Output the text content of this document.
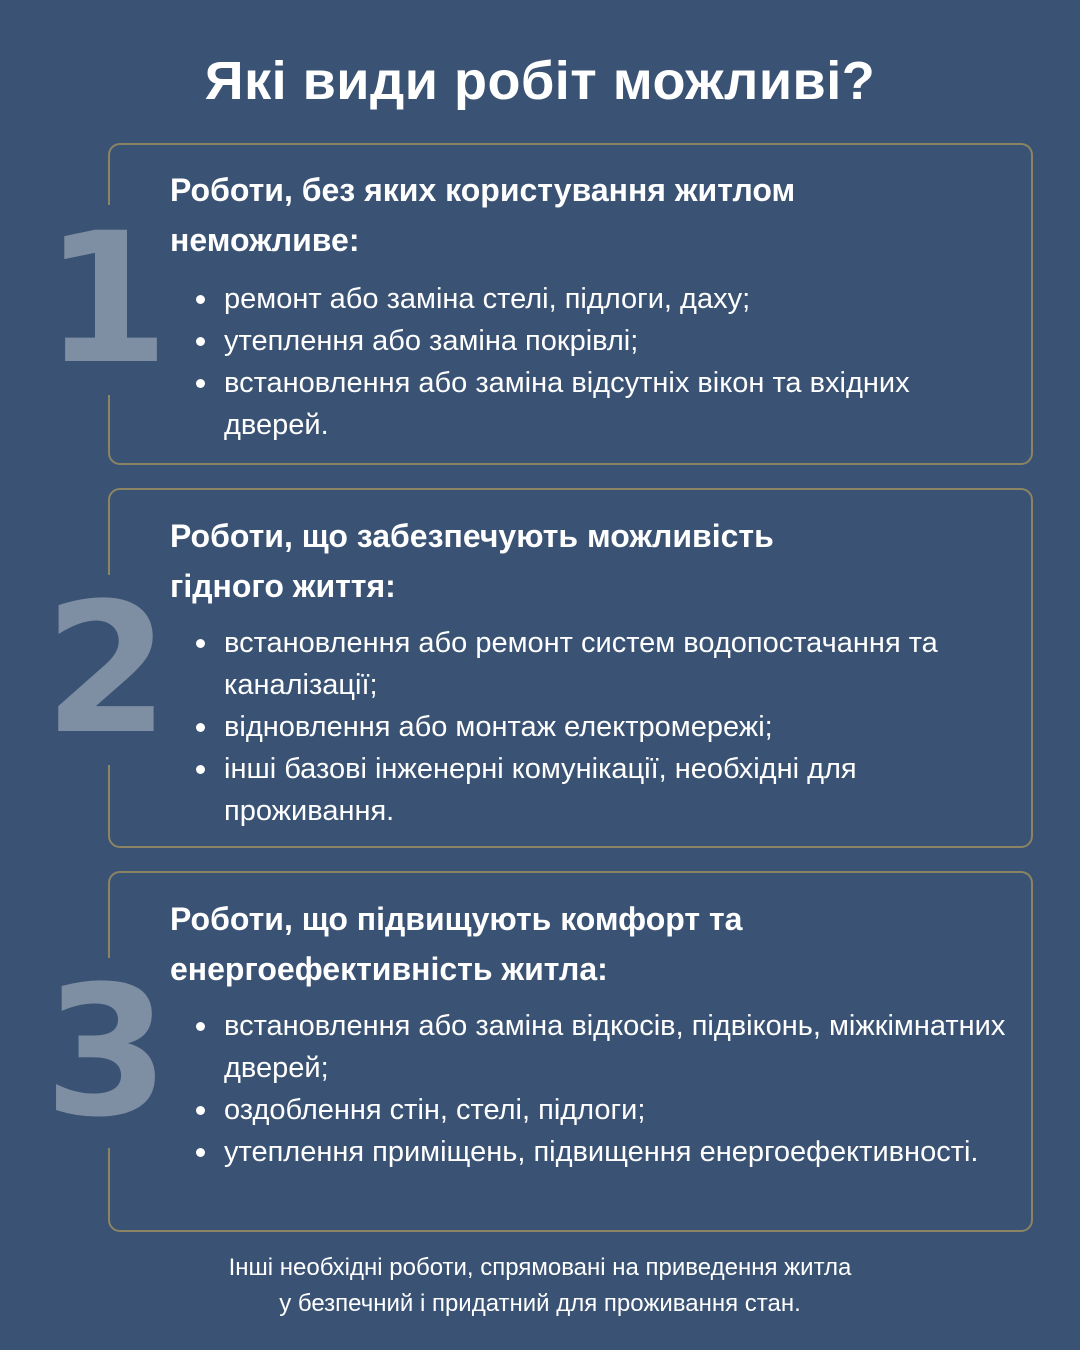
Які види робіт можливі?
1
Роботи, без яких користування житлом
неможливе:
ремонт або заміна стелі, підлоги, даху;
утеплення або заміна покрівлі;
встановлення або заміна відсутніх вікон та вхідних дверей.
2
Роботи, що забезпечують можливість
гідного життя:
встановлення або ремонт систем водопостачання та каналізації;
відновлення або монтаж електромережі;
інші базові інженерні комунікації, необхідні для проживання.
3
Роботи, що підвищують комфорт та
енергоефективність житла:
встановлення або заміна відкосів, підвіконь, міжкімнатних дверей;
оздоблення стін, стелі, підлоги;
утеплення приміщень, підвищення енергоефективності.
Інші необхідні роботи, спрямовані на приведення житла
у безпечний і придатний для проживання стан.
